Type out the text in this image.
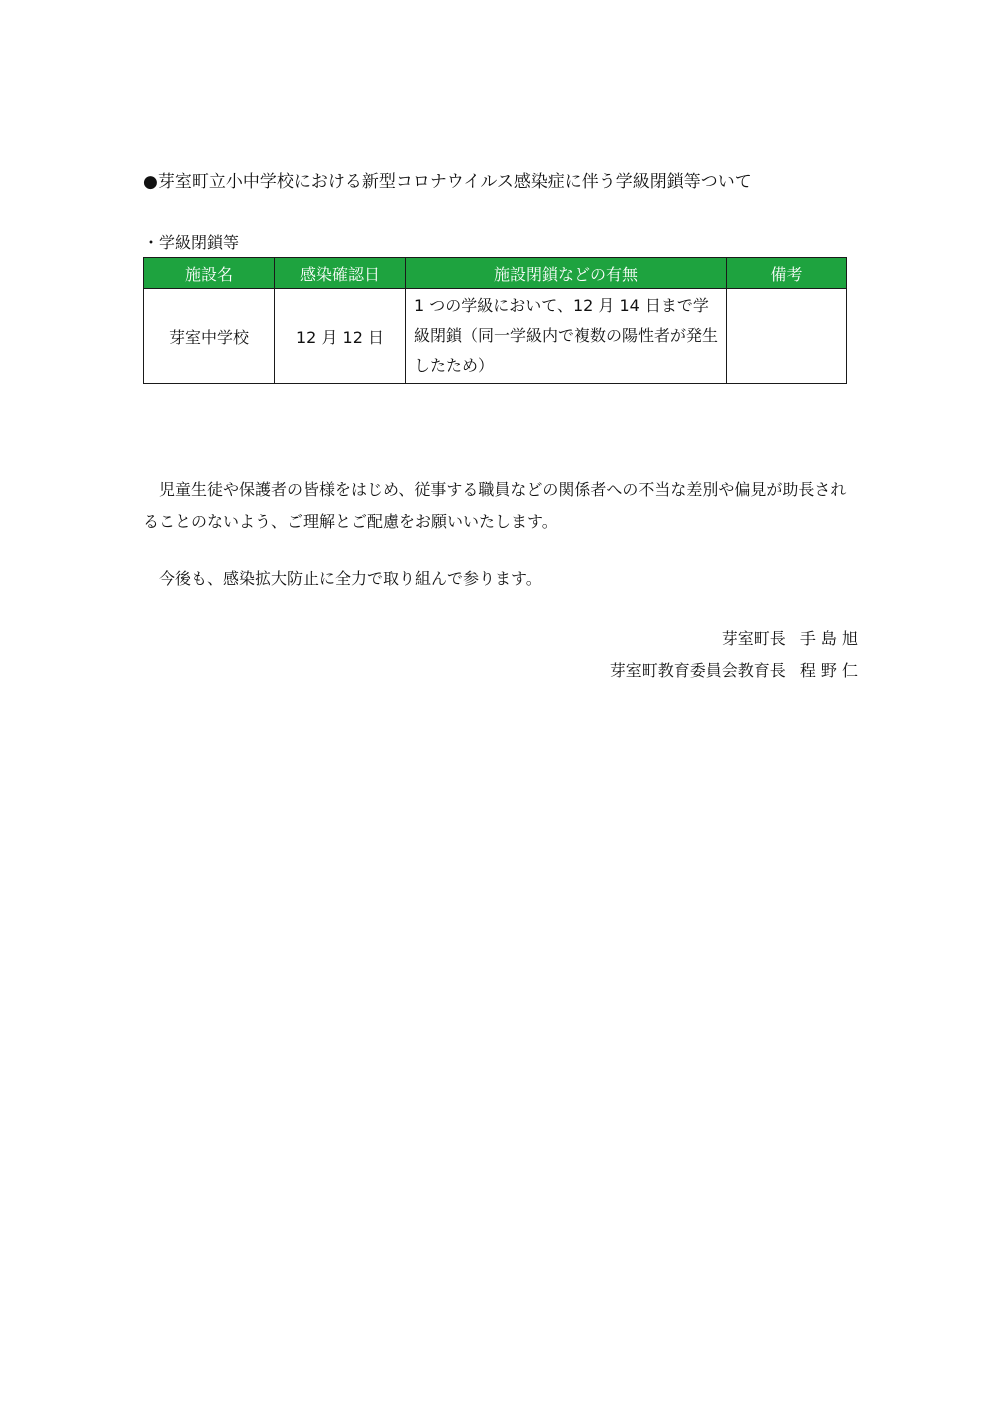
●芽室町立小中学校における新型コロナウイルス感染症に伴う学級閉鎖等ついて
・学級閉鎖等
施設名	感染確認日	施設閉鎖などの有無	備考
芽室中学校	12 月 12 日	1 つの学級において、12 月 14 日まで学級閉鎖（同一学級内で複数の陽性者が発生したため）	
児童生徒や保護者の皆様をはじめ、従事する職員などの関係者への不当な差別や偏見が助長されることのないよう、ご理解とご配慮をお願いいたします。
今後も、感染拡大防止に全力で取り組んで参ります。
芽室町長 手 島 旭
芽室町教育委員会教育長 程 野 仁
